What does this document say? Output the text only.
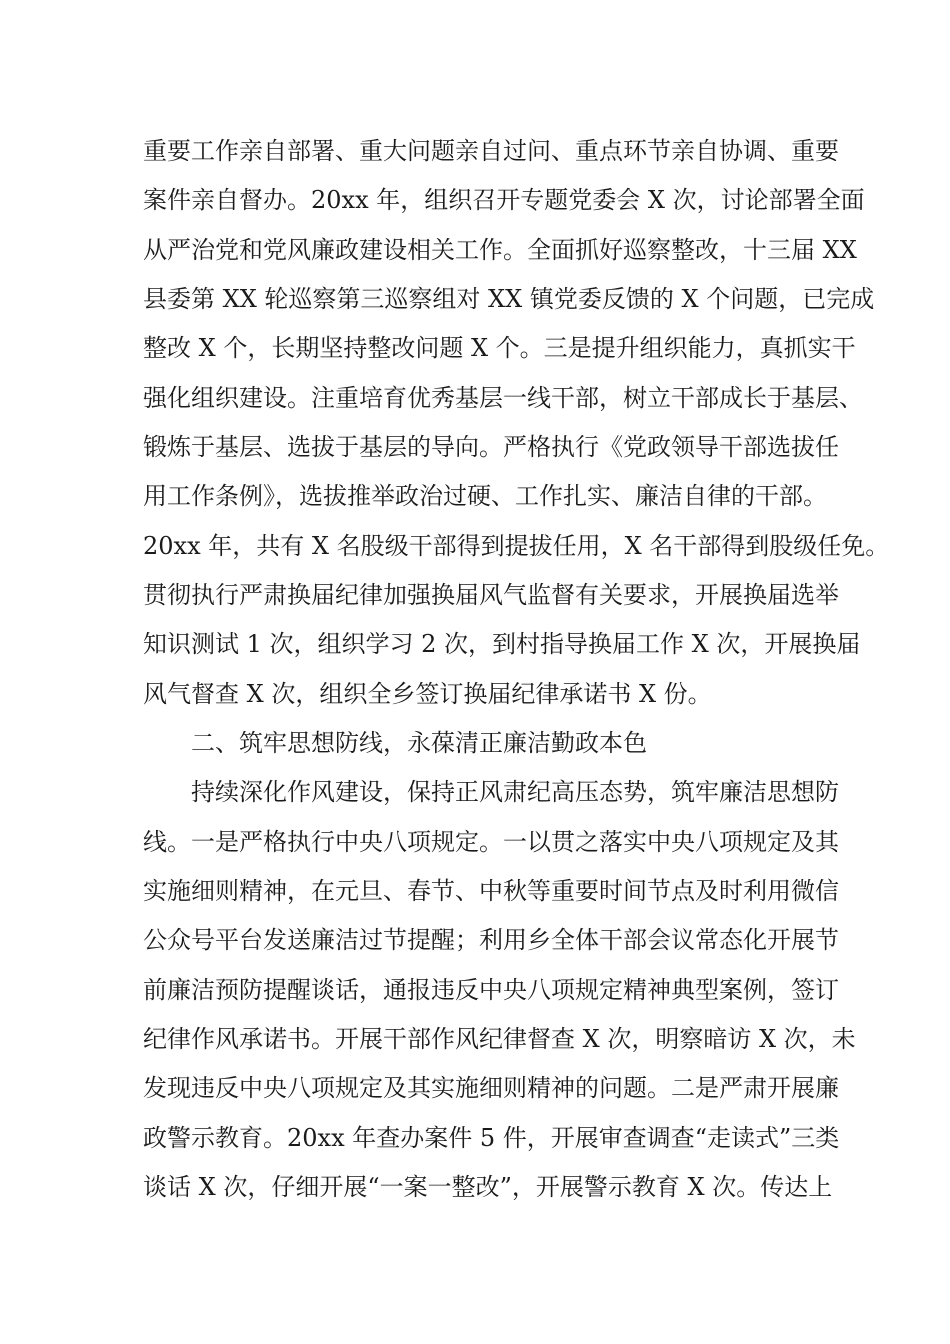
重要工作亲自部署、重大问题亲自过问、重点环节亲自协调、重要
案件亲自督办。20xx 年，组织召开专题党委会 X 次，讨论部署全面
从严治党和党风廉政建设相关工作。全面抓好巡察整改，十三届 XX
县委第 XX 轮巡察第三巡察组对 XX 镇党委反馈的 X 个问题，已完成
整改 X 个，长期坚持整改问题 X 个。三是提升组织能力，真抓实干
强化组织建设。注重培育优秀基层一线干部，树立干部成长于基层、
锻炼于基层、选拔于基层的导向。严格执行《党政领导干部选拔任
用工作条例》，选拔推举政治过硬、工作扎实、廉洁自律的干部。
20xx 年，共有 X 名股级干部得到提拔任用，X 名干部得到股级任免。
贯彻执行严肃换届纪律加强换届风气监督有关要求，开展换届选举
知识测试 1 次，组织学习 2 次，到村指导换届工作 X 次，开展换届
风气督查 X 次，组织全乡签订换届纪律承诺书 X 份。
二、筑牢思想防线，永葆清正廉洁勤政本色
持续深化作风建设，保持正风肃纪高压态势，筑牢廉洁思想防
线。一是严格执行中央八项规定。一以贯之落实中央八项规定及其
实施细则精神，在元旦、春节、中秋等重要时间节点及时利用微信
公众号平台发送廉洁过节提醒；利用乡全体干部会议常态化开展节
前廉洁预防提醒谈话，通报违反中央八项规定精神典型案例，签订
纪律作风承诺书。开展干部作风纪律督查 X 次，明察暗访 X 次，未
发现违反中央八项规定及其实施细则精神的问题。二是严肃开展廉
政警示教育。20xx 年查办案件 5 件，开展审查调查“走读式”三类
谈话 X 次，仔细开展“一案一整改”，开展警示教育 X 次。传达上
